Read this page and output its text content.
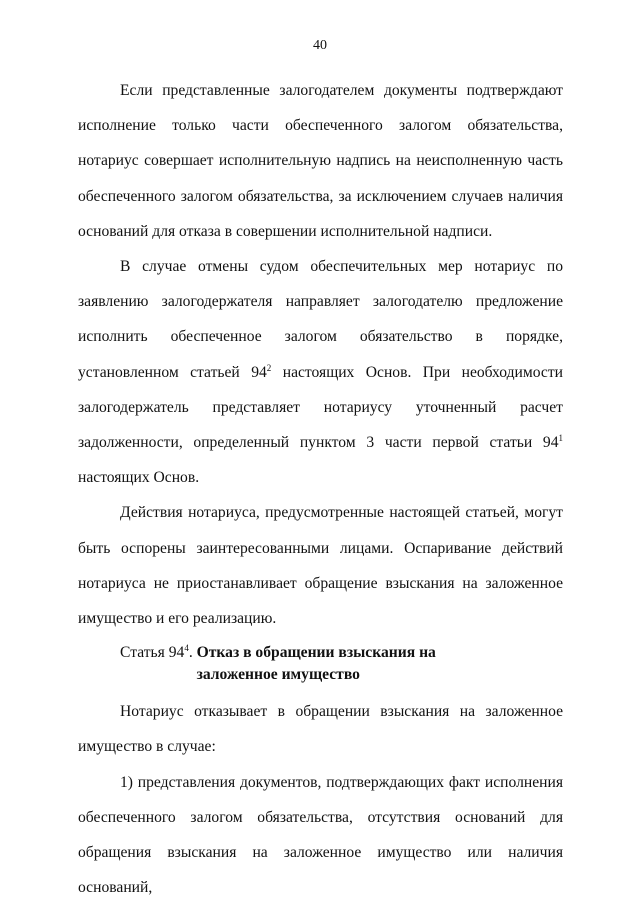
40

Если представленные залогодателем документы подтверждают исполнение только части обеспеченного залогом обязательства, нотариус совершает исполнительную надпись на неисполненную часть обеспеченного залогом обязательства, за исключением случаев наличия оснований для отказа в совершении исполнительной надписи.

В случае отмены судом обеспечительных мер нотариус по заявлению залогодержателя направляет залогодателю предложение исполнить обеспеченное залогом обязательство в порядке, установленном статьей $94^2$ настоящих Основ. При необходимости залогодержатель представляет нотариусу уточненный расчет задолженности, определенный пунктом 3 части первой статьи $94^1$ настоящих Основ.

Действия нотариуса, предусмотренные настоящей статьей, могут быть оспорены заинтересованными лицами. Оспаривание действий нотариуса не приостанавливает обращение взыскания на заложенное имущество и его реализацию.

Статья $94^4$. Отказ в обращении взыскания на заложенное имущество

Нотариус отказывает в обращении взыскания на заложенное имущество в случае:

1) представления документов, подтверждающих факт исполнения обеспеченного залогом обязательства, отсутствия оснований для обращения взыскания на заложенное имущество или наличия оснований,
